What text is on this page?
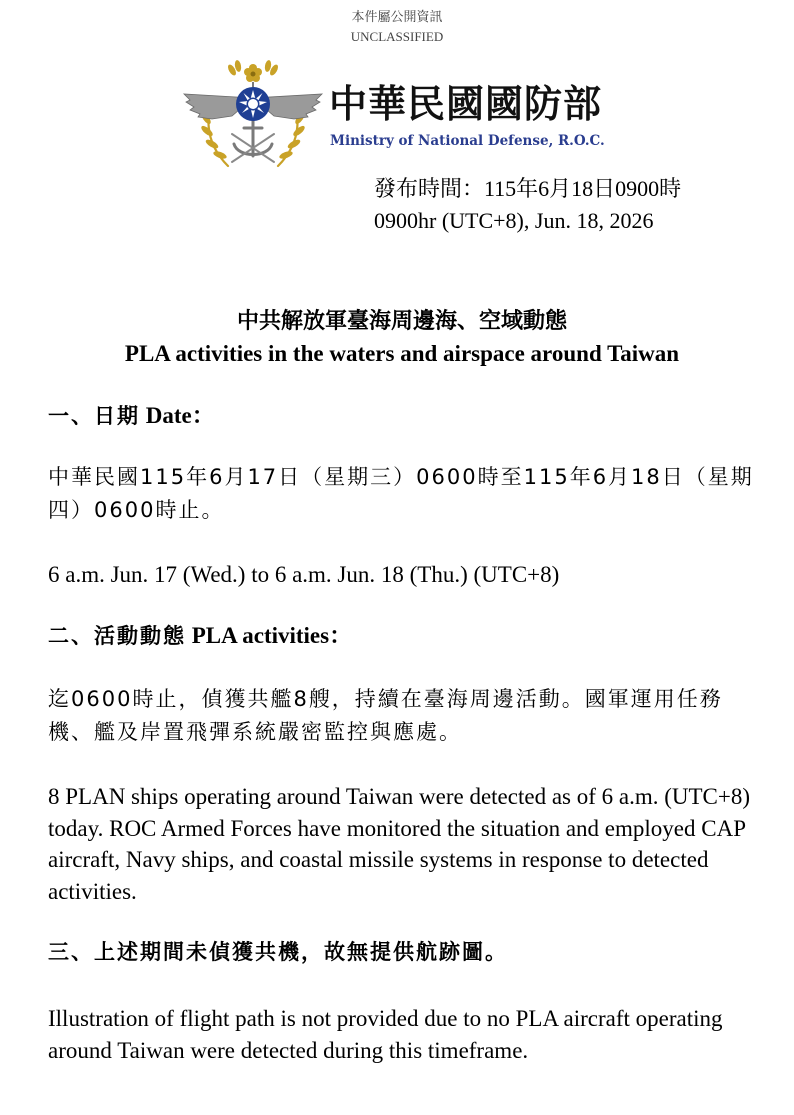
本件屬公開資訊
UNCLASSIFIED
中華民國國防部
Ministry of National Defense, R.O.C.
發布時間：115年6月18日0900時
0900hr (UTC+8), Jun. 18, 2026
中共解放軍臺海周邊海、空域動態
PLA activities in the waters and airspace around Taiwan
一、日期 Date：

中華民國115年6月17日（星期三）0600時至115年6月18日（星期四）0600時止。

6 a.m. Jun. 17 (Wed.) to 6 a.m. Jun. 18 (Thu.) (UTC+8)

二、活動動態 PLA activities：

迄0600時止，偵獲共艦8艘，持續在臺海周邊活動。國軍運用任務機、艦及岸置飛彈系統嚴密監控與應處。

8 PLAN ships operating around Taiwan were detected as of 6 a.m. (UTC+8) today. ROC Armed Forces have monitored the situation and employed CAP aircraft, Navy ships, and coastal missile systems in response to detected activities.

三、上述期間未偵獲共機，故無提供航跡圖。

Illustration of flight path is not provided due to no PLA aircraft operating around Taiwan were detected during this timeframe.
